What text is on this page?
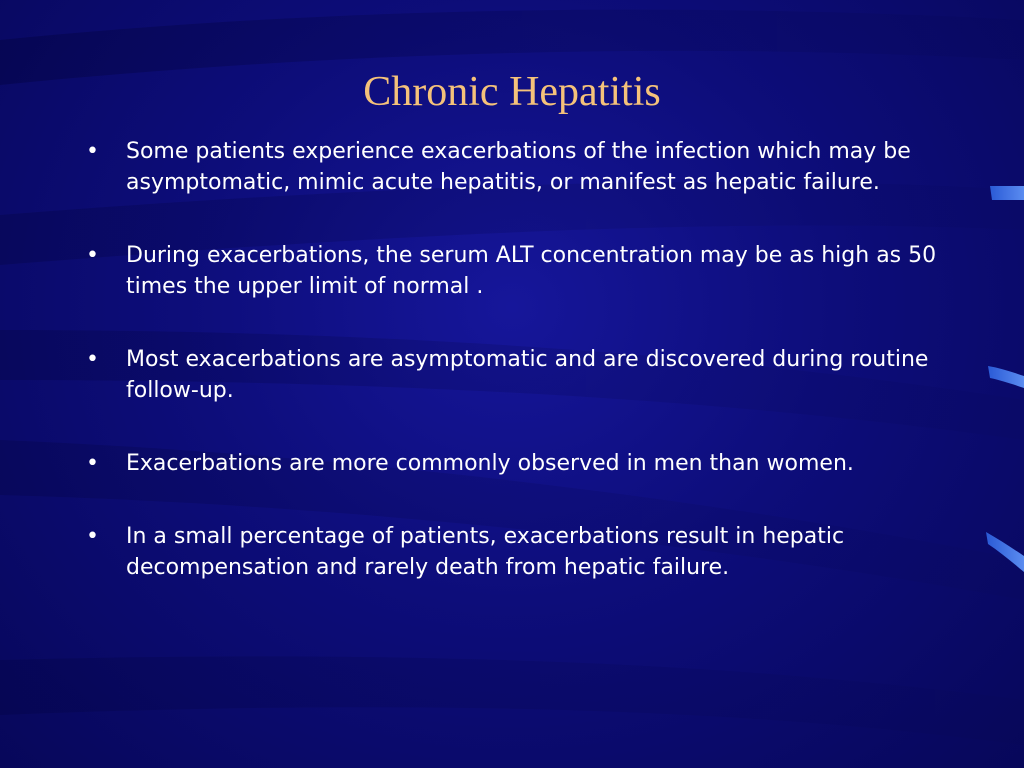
Chronic Hepatitis
•	Some patients experience exacerbations of the infection which may be asymptomatic, mimic acute hepatitis, or manifest as hepatic failure.
•	During exacerbations, the serum ALT concentration may be as high as 50 times the upper limit of normal .
•	Most exacerbations are asymptomatic and are discovered during routine follow-up.
•	Exacerbations are more commonly observed in men than women.
•	In a small percentage of patients, exacerbations result in hepatic decompensation and rarely death from hepatic failure.
